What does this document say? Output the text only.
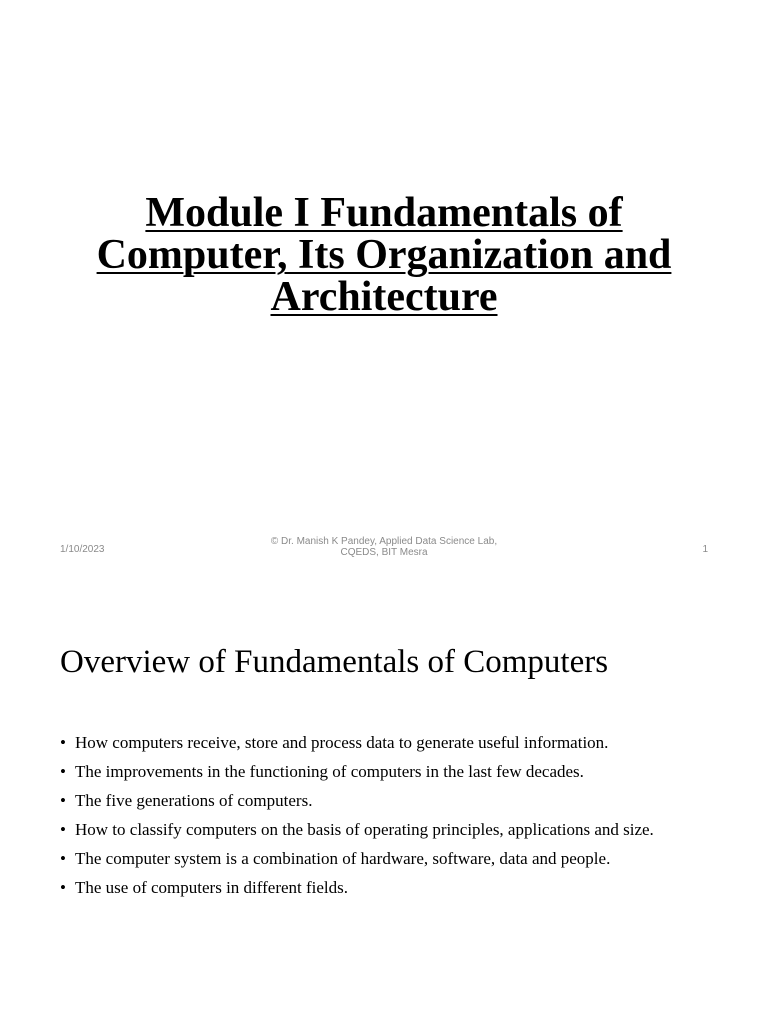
Module I Fundamentals of
Computer, Its Organization and
Architecture
1/10/2023
© Dr. Manish K Pandey, Applied Data Science Lab,
CQEDS, BIT Mesra	1
Overview of Fundamentals of Computers
• How computers receive, store and process data to generate useful information.
• The improvements in the functioning of computers in the last few decades.
• The five generations of computers.
• How to classify computers on the basis of operating principles, applications and size.
• The computer system is a combination of hardware, software, data and people.
• The use of computers in different fields.
